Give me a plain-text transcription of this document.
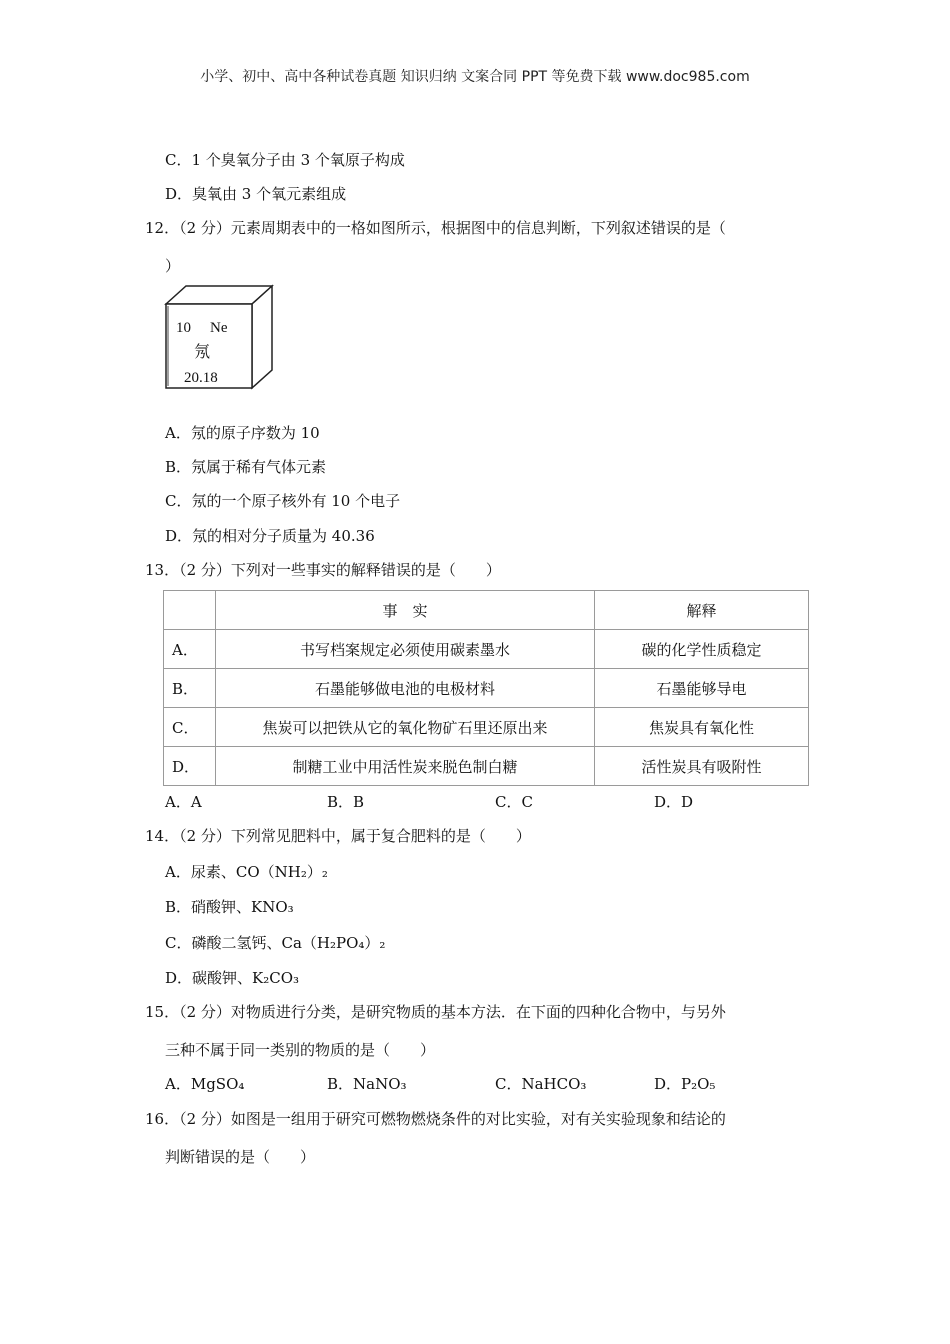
小学、初中、高中各种试卷真题 知识归纳 文案合同 PPT 等免费下载 www.doc985.com
C．1 个臭氧分子由 3 个氧原子构成
D．臭氧由 3 个氧元素组成
12．（2 分）元素周期表中的一格如图所示，根据图中的信息判断，下列叙述错误的是（
）
10 Ne
氖
20.18
A．氖的原子序数为 10
B．氖属于稀有气体元素
C．氖的一个原子核外有 10 个电子
D．氖的相对分子质量为 40.36
13．（2 分）下列对一些事实的解释错误的是（　　）
	事　实	解释
A．	书写档案规定必须使用碳素墨水	碳的化学性质稳定
B．	石墨能够做电池的电极材料	石墨能够导电
C．	焦炭可以把铁从它的氧化物矿石里还原出来	焦炭具有氧化性
D．	制糖工业中用活性炭来脱色制白糖	活性炭具有吸附性
A．A	B．B	C．C	D．D
14．（2 分）下列常见肥料中，属于复合肥料的是（　　）
A．尿素、CO（NH₂）₂
B．硝酸钾、KNO₃
C．磷酸二氢钙、Ca（H₂PO₄）₂
D．碳酸钾、K₂CO₃
15．（2 分）对物质进行分类，是研究物质的基本方法．在下面的四种化合物中，与另外
三种不属于同一类别的物质的是（　　）
A．MgSO₄	B．NaNO₃	C．NaHCO₃	D．P₂O₅
16．（2 分）如图是一组用于研究可燃物燃烧条件的对比实验，对有关实验现象和结论的
判断错误的是（　　）
